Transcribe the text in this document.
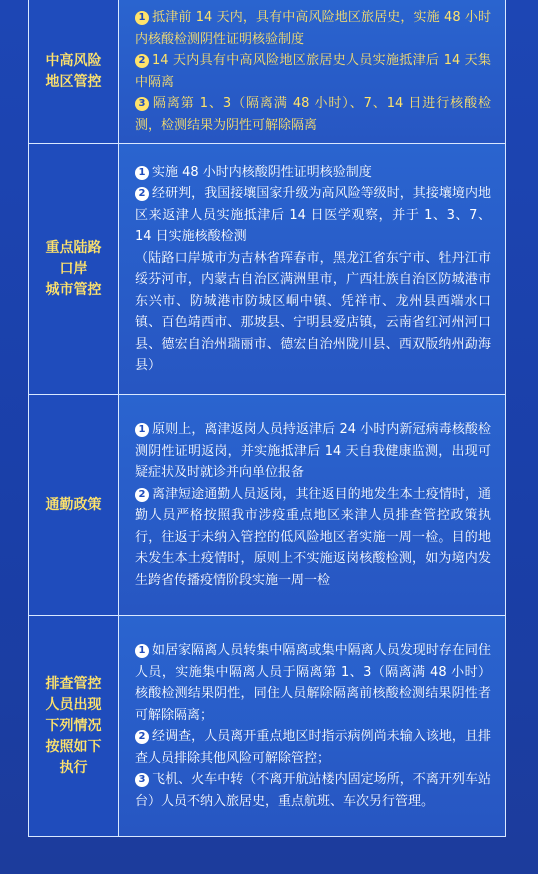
中高风险
地区管控
1 抵津前 14 天内，具有中高风险地区旅居史，实施 48 小时内核酸检测阴性证明核验制度
2 14 天内具有中高风险地区旅居史人员实施抵津后 14 天集中隔离
3 隔离第 1、3（隔离满 48 小时）、7、14 日进行核酸检测，检测结果为阴性可解除隔离
重点陆路
口岸
城市管控
1 实施 48 小时内核酸阴性证明核验制度
2 经研判，我国接壤国家升级为高风险等级时，其接壤境内地区来返津人员实施抵津后 14 日医学观察，并于 1、3、7、14 日实施核酸检测
（陆路口岸城市为吉林省珲春市，黑龙江省东宁市、牡丹江市绥芬河市，内蒙古自治区满洲里市，广西壮族自治区防城港市东兴市、防城港市防城区峒中镇、凭祥市、龙州县西端水口镇、百色靖西市、那坡县、宁明县爱店镇，云南省红河州河口县、德宏自治州瑞丽市、德宏自治州陇川县、西双版纳州勐海县）
通勤政策
1 原则上，离津返岗人员持返津后 24 小时内新冠病毒核酸检测阴性证明返岗，并实施抵津后 14 天自我健康监测，出现可疑症状及时就诊并向单位报备
2 离津短途通勤人员返岗，其往返目的地发生本土疫情时，通勤人员严格按照我市涉疫重点地区来津人员排查管控政策执行，往返于未纳入管控的低风险地区者实施一周一检。目的地未发生本土疫情时，原则上不实施返岗核酸检测，如为境内发生跨省传播疫情阶段实施一周一检
排查管控
人员出现
下列情况
按照如下
执行
1 如居家隔离人员转集中隔离或集中隔离人员发现时存在同住人员，实施集中隔离人员于隔离第 1、3（隔离满 48 小时）核酸检测结果阴性，同住人员解除隔离前核酸检测结果阴性者可解除隔离；
2 经调查，人员离开重点地区时指示病例尚未输入该地，且排查人员排除其他风险可解除管控；
3 飞机、火车中转（不离开航站楼内固定场所，不离开列车站台）人员不纳入旅居史，重点航班、车次另行管理。
